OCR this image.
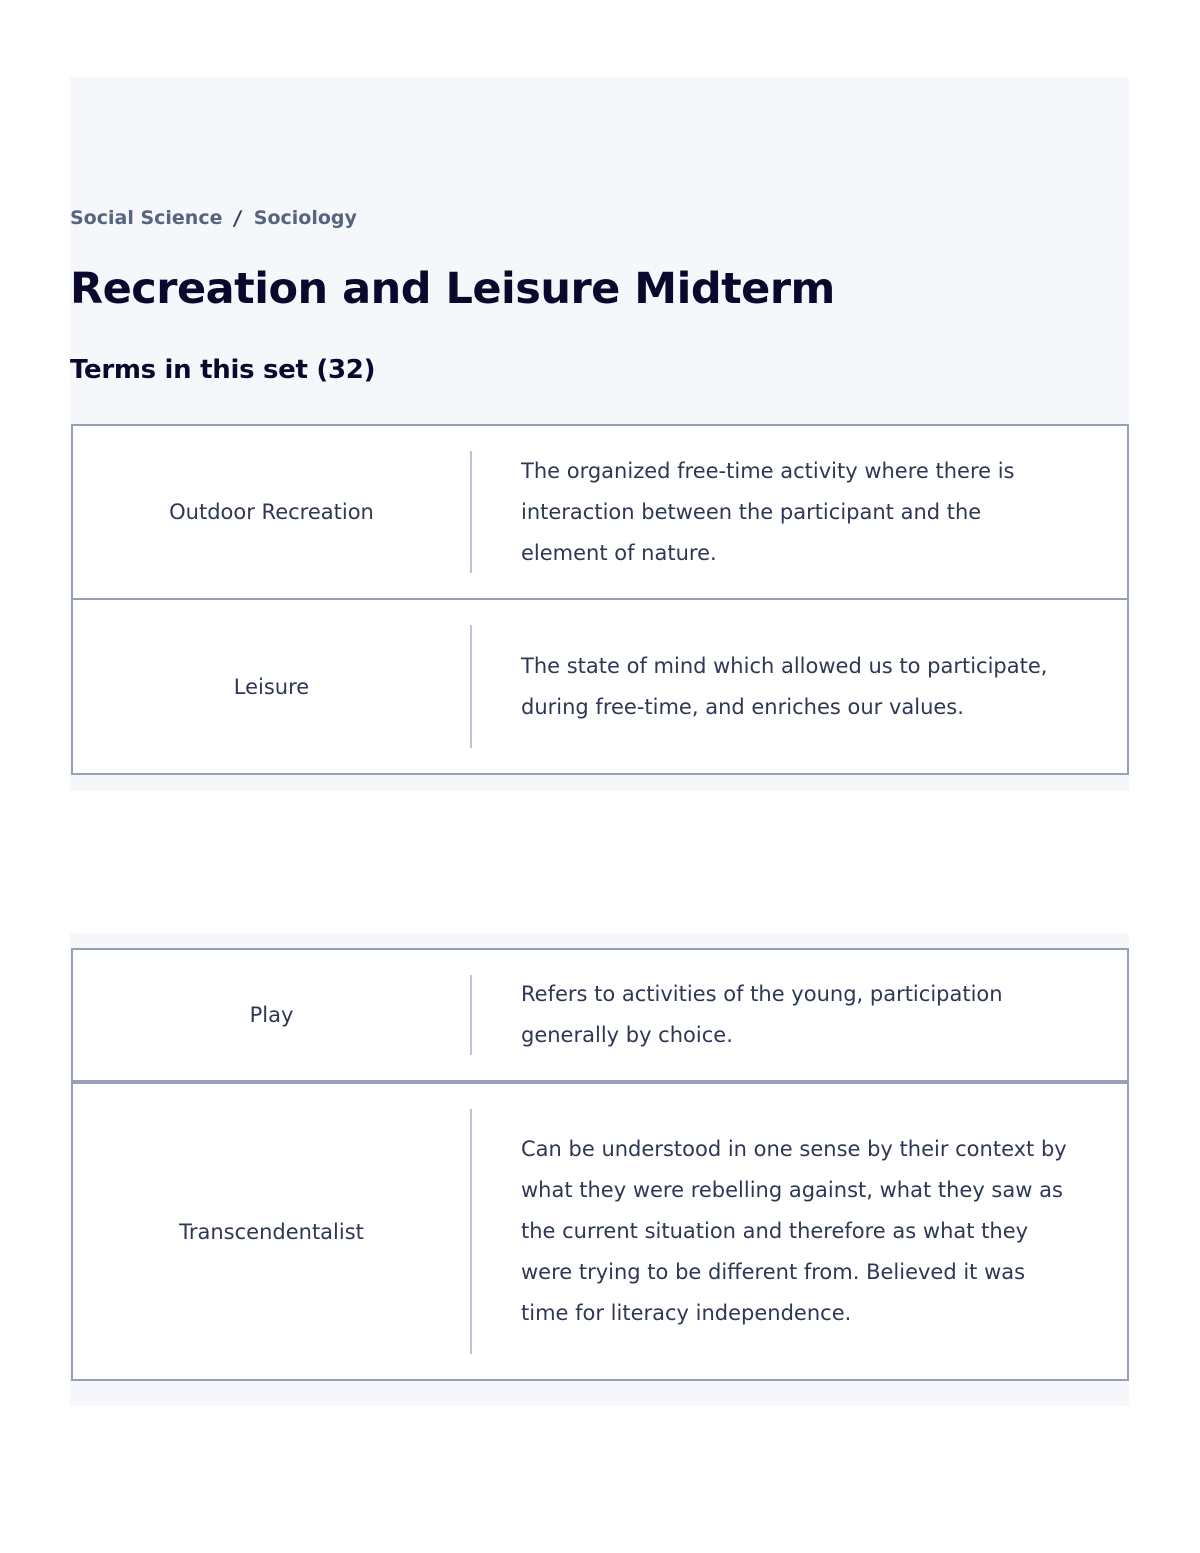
Social Science / Sociology
Recreation and Leisure Midterm
Terms in this set (32)
Outdoor Recreation
The organized free-time activity where there is interaction between the participant and the element of nature.
Leisure
The state of mind which allowed us to participate, during free-time, and enriches our values.
Play
Refers to activities of the young, participation generally by choice.
Transcendentalist
Can be understood in one sense by their context by what they were rebelling against, what they saw as the current situation and therefore as what they were trying to be different from. Believed it was time for literacy independence.
